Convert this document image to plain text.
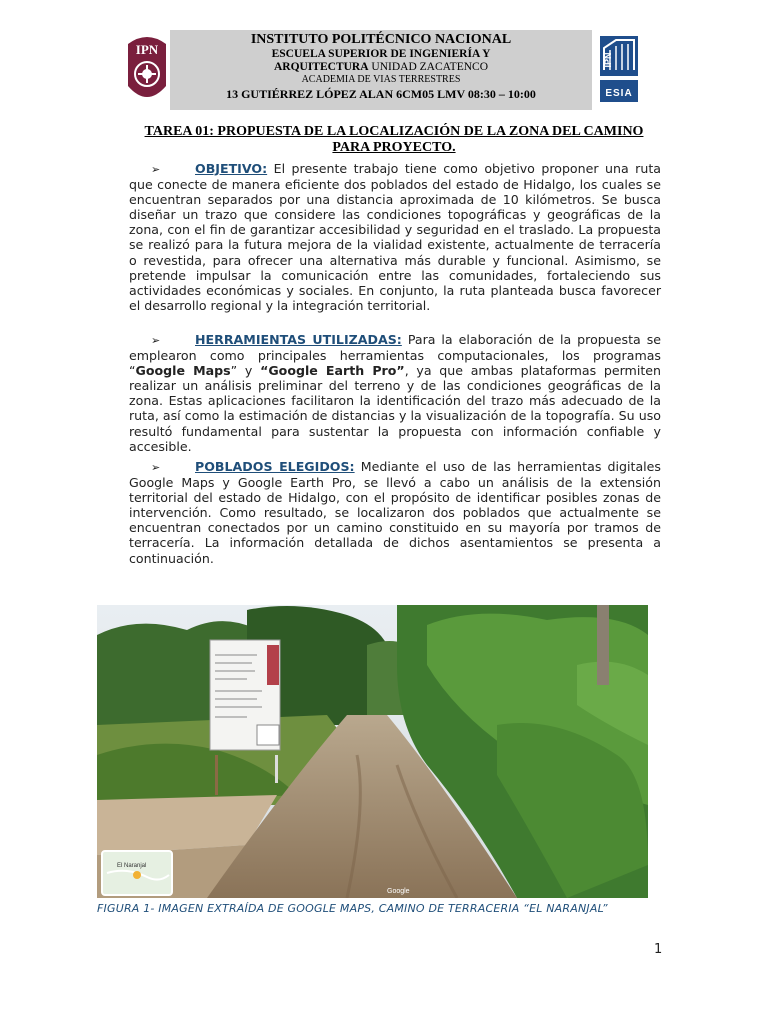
IPN
INSTITUTO POLITÉCNICO NACIONAL
ESCUELA SUPERIOR DE INGENIERÍA Y
ARQUITECTURA UNIDAD ZACATENCO
ACADEMIA DE VIAS TERRESTRES
13 GUTIÉRREZ LÓPEZ ALAN 6CM05 LMV 08:30 – 10:00
IPN
ESIA
TAREA 01: PROPUESTA DE LA LOCALIZACIÓN DE LA ZONA DEL CAMINO PARA PROYECTO.
➢	OBJETIVO: El presente trabajo tiene como objetivo proponer una ruta que conecte de manera eficiente dos poblados del estado de Hidalgo, los cuales se encuentran separados por una distancia aproximada de 10 kilómetros. Se busca diseñar un trazo que considere las condiciones topográficas y geográficas de la zona, con el fin de garantizar accesibilidad y seguridad en el traslado. La propuesta se realizó para la futura mejora de la vialidad existente, actualmente de terracería o revestida, para ofrecer una alternativa más durable y funcional. Asimismo, se pretende impulsar la comunicación entre las comunidades, fortaleciendo sus actividades económicas y sociales. En conjunto, la ruta planteada busca favorecer el desarrollo regional y la integración territorial.
➢	HERRAMIENTAS UTILIZADAS: Para la elaboración de la propuesta se emplearon como principales herramientas computacionales, los programas “Google Maps” y “Google Earth Pro”, ya que ambas plataformas permiten realizar un análisis preliminar del terreno y de las condiciones geográficas de la zona. Estas aplicaciones facilitaron la identificación del trazo más adecuado de la ruta, así como la estimación de distancias y la visualización de la topografía. Su uso resultó fundamental para sustentar la propuesta con información confiable y accesible.
➢	POBLADOS ELEGIDOS: Mediante el uso de las herramientas digitales Google Maps y Google Earth Pro, se llevó a cabo un análisis de la extensión territorial del estado de Hidalgo, con el propósito de identificar posibles zonas de intervención. Como resultado, se localizaron dos poblados que actualmente se encuentran conectados por un camino constituido en su mayoría por tramos de terracería. La información detallada de dichos asentamientos se presenta a continuación.
El Naranjal
Google
FIGURA 1- IMAGEN EXTRAÍDA DE GOOGLE MAPS, CAMINO DE TERRACERIA “EL NARANJAL”
1
